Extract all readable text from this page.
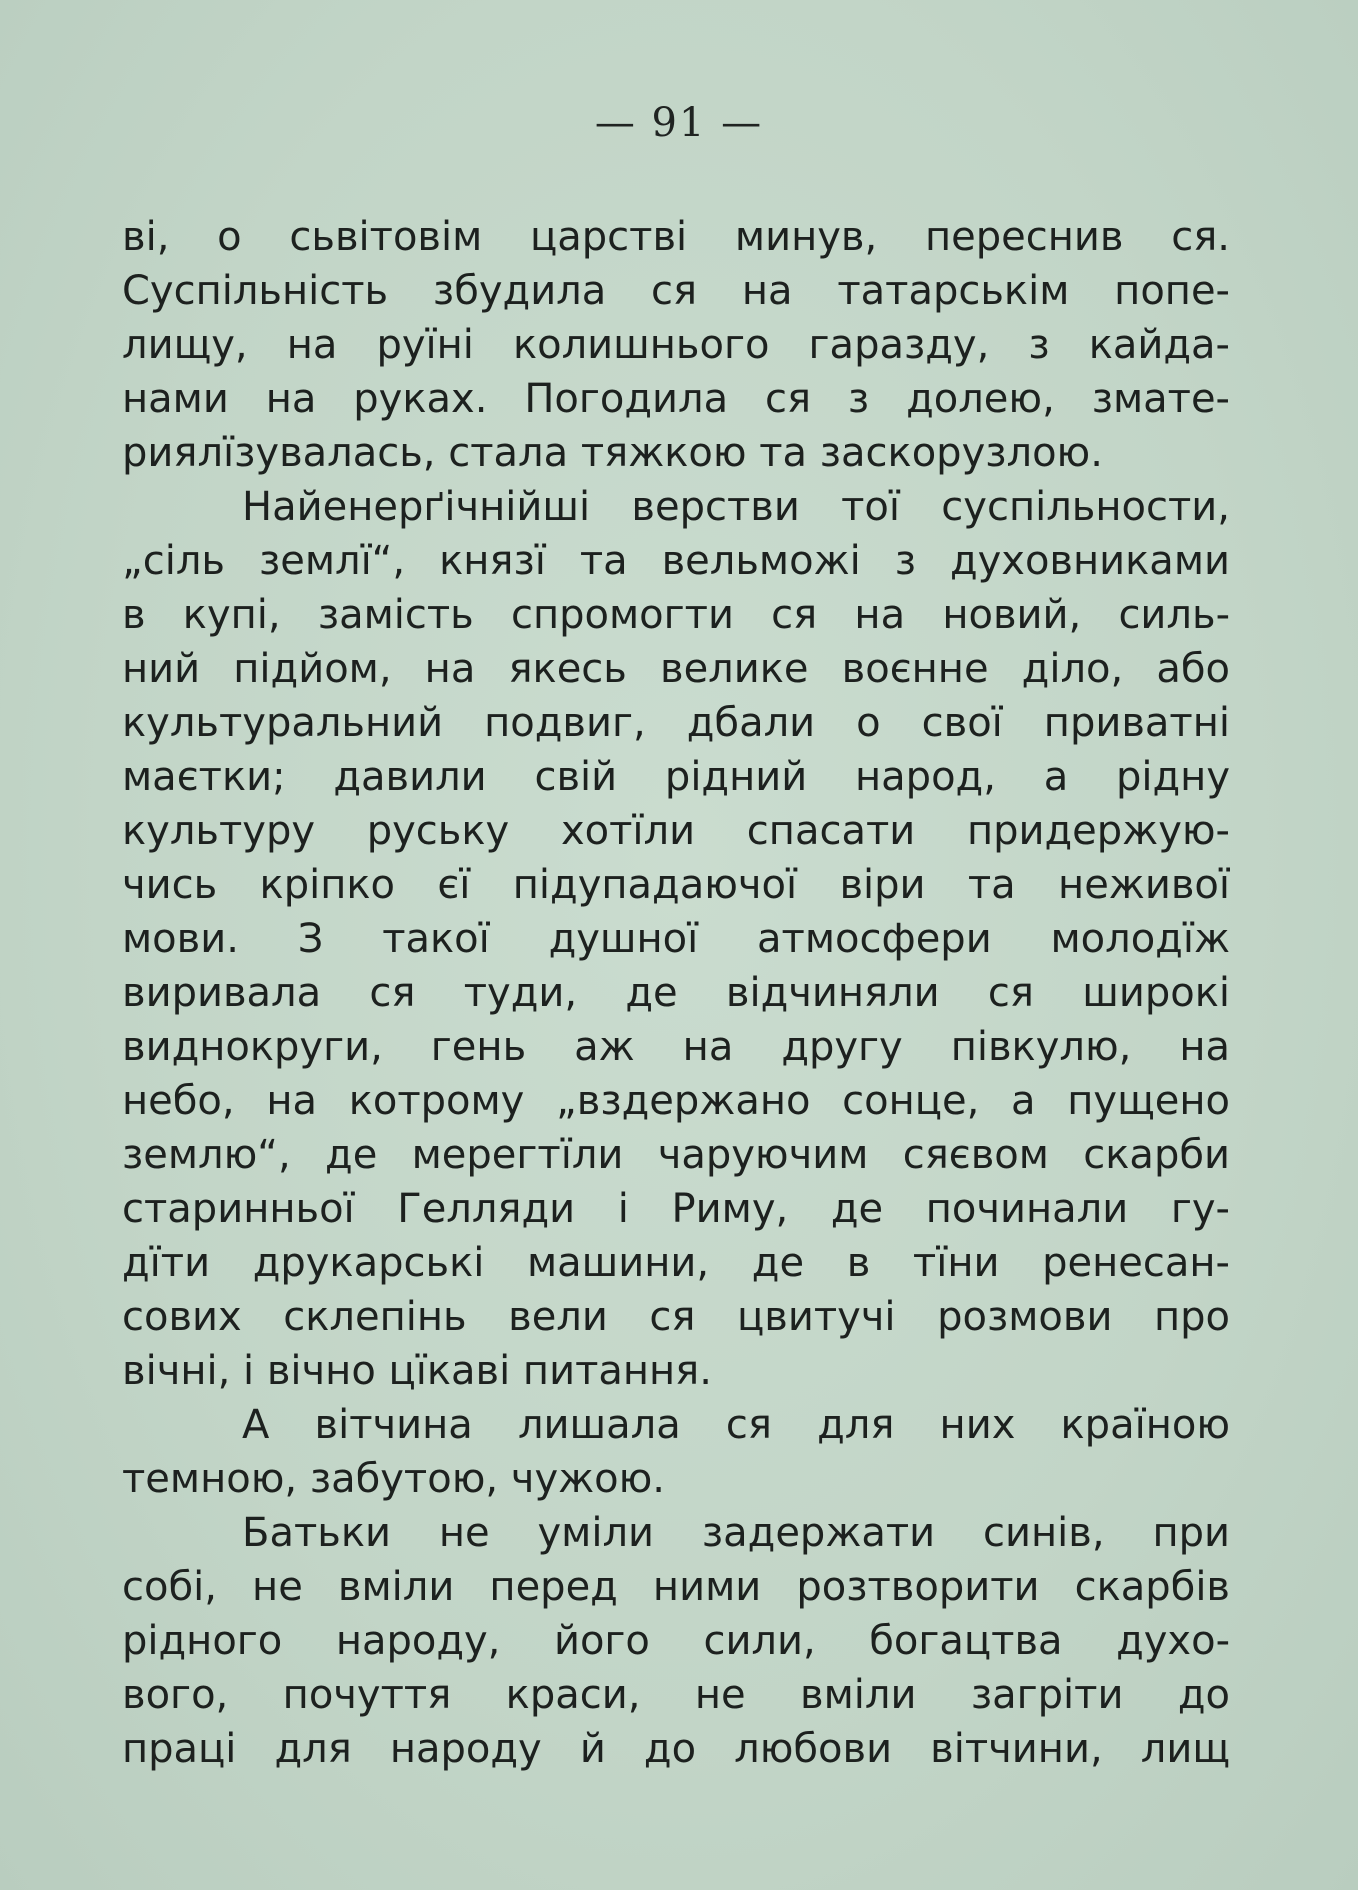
— 91 —
ві, о сьвітовім царстві минув, переснив ся.
Суспільність збудила ся на татарськім попе-
лищу, на руїні колишнього гаразду, з кайда-
нами на руках. Погодила ся з долею, змате-
риялїзувалась, стала тяжкою та заскорузлою.
Найенерґічнійші верстви тої суспільности,
„сіль землї“, князї та вельможі з духовниками
в купі, замість спромогти ся на новий, силь-
ний підйом, на якесь велике воєнне діло, або
культуральний подвиг, дбали о свої приватні
маєтки; давили свій рідний народ, а рідну
культуру руську хотїли спасати придержую-
чись кріпко єї підупадаючої віри та неживої
мови. З такої душної атмосфери молодїж
виривала ся туди, де відчиняли ся широкі
виднокруги, гень аж на другу півкулю, на
небо, на котрому „вздержано сонце, а пущено
землю“, де мерегтїли чаруючим сяєвом скарби
старинньої Гелляди і Риму, де починали гу-
дїти друкарські машини, де в тїни ренесан-
сових склепінь вели ся цвитучі розмови про
вічні, і вічно цїкаві питання.
А вітчина лишала ся для них країною
темною, забутою, чужою.
Батьки не уміли задержати синів, при
собі, не вміли перед ними розтворити скарбів
рідного народу, його сили, богацтва духо-
вого, почуття краси, не вміли загріти до
праці для народу й до любови вітчини, лищ
